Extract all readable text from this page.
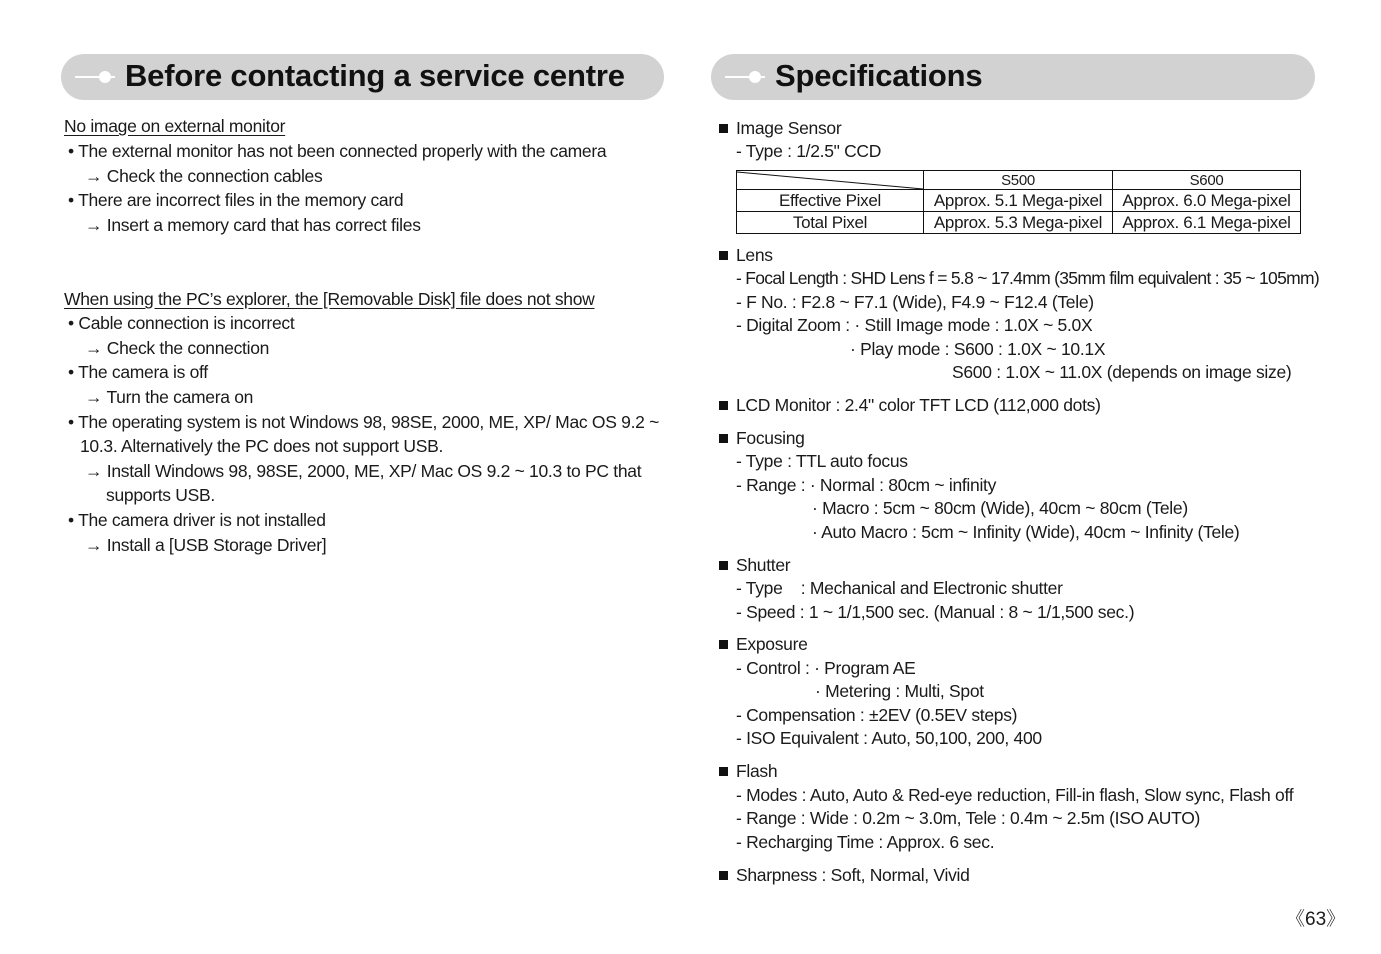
Before contacting a service centre
No image on external monitor
• The external monitor has not been connected properly with the camera
→ Check the connection cables
• There are incorrect files in the memory card
→ Insert a memory card that has correct files
When using the PC’s explorer, the [Removable Disk] file does not show
• Cable connection is incorrect
→ Check the connection
• The camera is off
→ Turn the camera on
• The operating system is not Windows 98, 98SE, 2000, ME, XP/ Mac OS 9.2 ~
10.3. Alternatively the PC does not support USB.
→ Install Windows 98, 98SE, 2000, ME, XP/ Mac OS 9.2 ~ 10.3 to PC that
supports USB.
• The camera driver is not installed
→ Install a [USB Storage Driver]
Specifications
Image Sensor
- Type : 1/2.5" CCD
	S500	S600
Effective Pixel	Approx. 5.1 Mega-pixel	Approx. 6.0 Mega-pixel
Total Pixel	Approx. 5.3 Mega-pixel	Approx. 6.1 Mega-pixel
Lens
- Focal Length : SHD Lens f = 5.8 ~ 17.4mm (35mm film equivalent : 35 ~ 105mm)
- F No. : F2.8 ~ F7.1 (Wide), F4.9 ~ F12.4 (Tele)
- Digital Zoom : · Still Image mode : 1.0X ~ 5.0X
· Play mode : S600 : 1.0X ~ 10.1X
S600 : 1.0X ~ 11.0X (depends on image size)
LCD Monitor : 2.4" color TFT LCD (112,000 dots)
Focusing
- Type : TTL auto focus
- Range : · Normal : 80cm ~ infinity
· Macro : 5cm ~ 80cm (Wide), 40cm ~ 80cm (Tele)
· Auto Macro : 5cm ~ Infinity (Wide), 40cm ~ Infinity (Tele)
Shutter
- Type    : Mechanical and Electronic shutter
- Speed : 1 ~ 1/1,500 sec. (Manual : 8 ~ 1/1,500 sec.)
Exposure
- Control : · Program AE
· Metering : Multi, Spot
- Compensation : ±2EV (0.5EV steps)
- ISO Equivalent : Auto, 50,100, 200, 400
Flash
- Modes : Auto, Auto & Red-eye reduction, Fill-in flash, Slow sync, Flash off
- Range : Wide : 0.2m ~ 3.0m, Tele : 0.4m ~ 2.5m (ISO AUTO)
- Recharging Time : Approx. 6 sec.
Sharpness : Soft, Normal, Vivid
《63》
